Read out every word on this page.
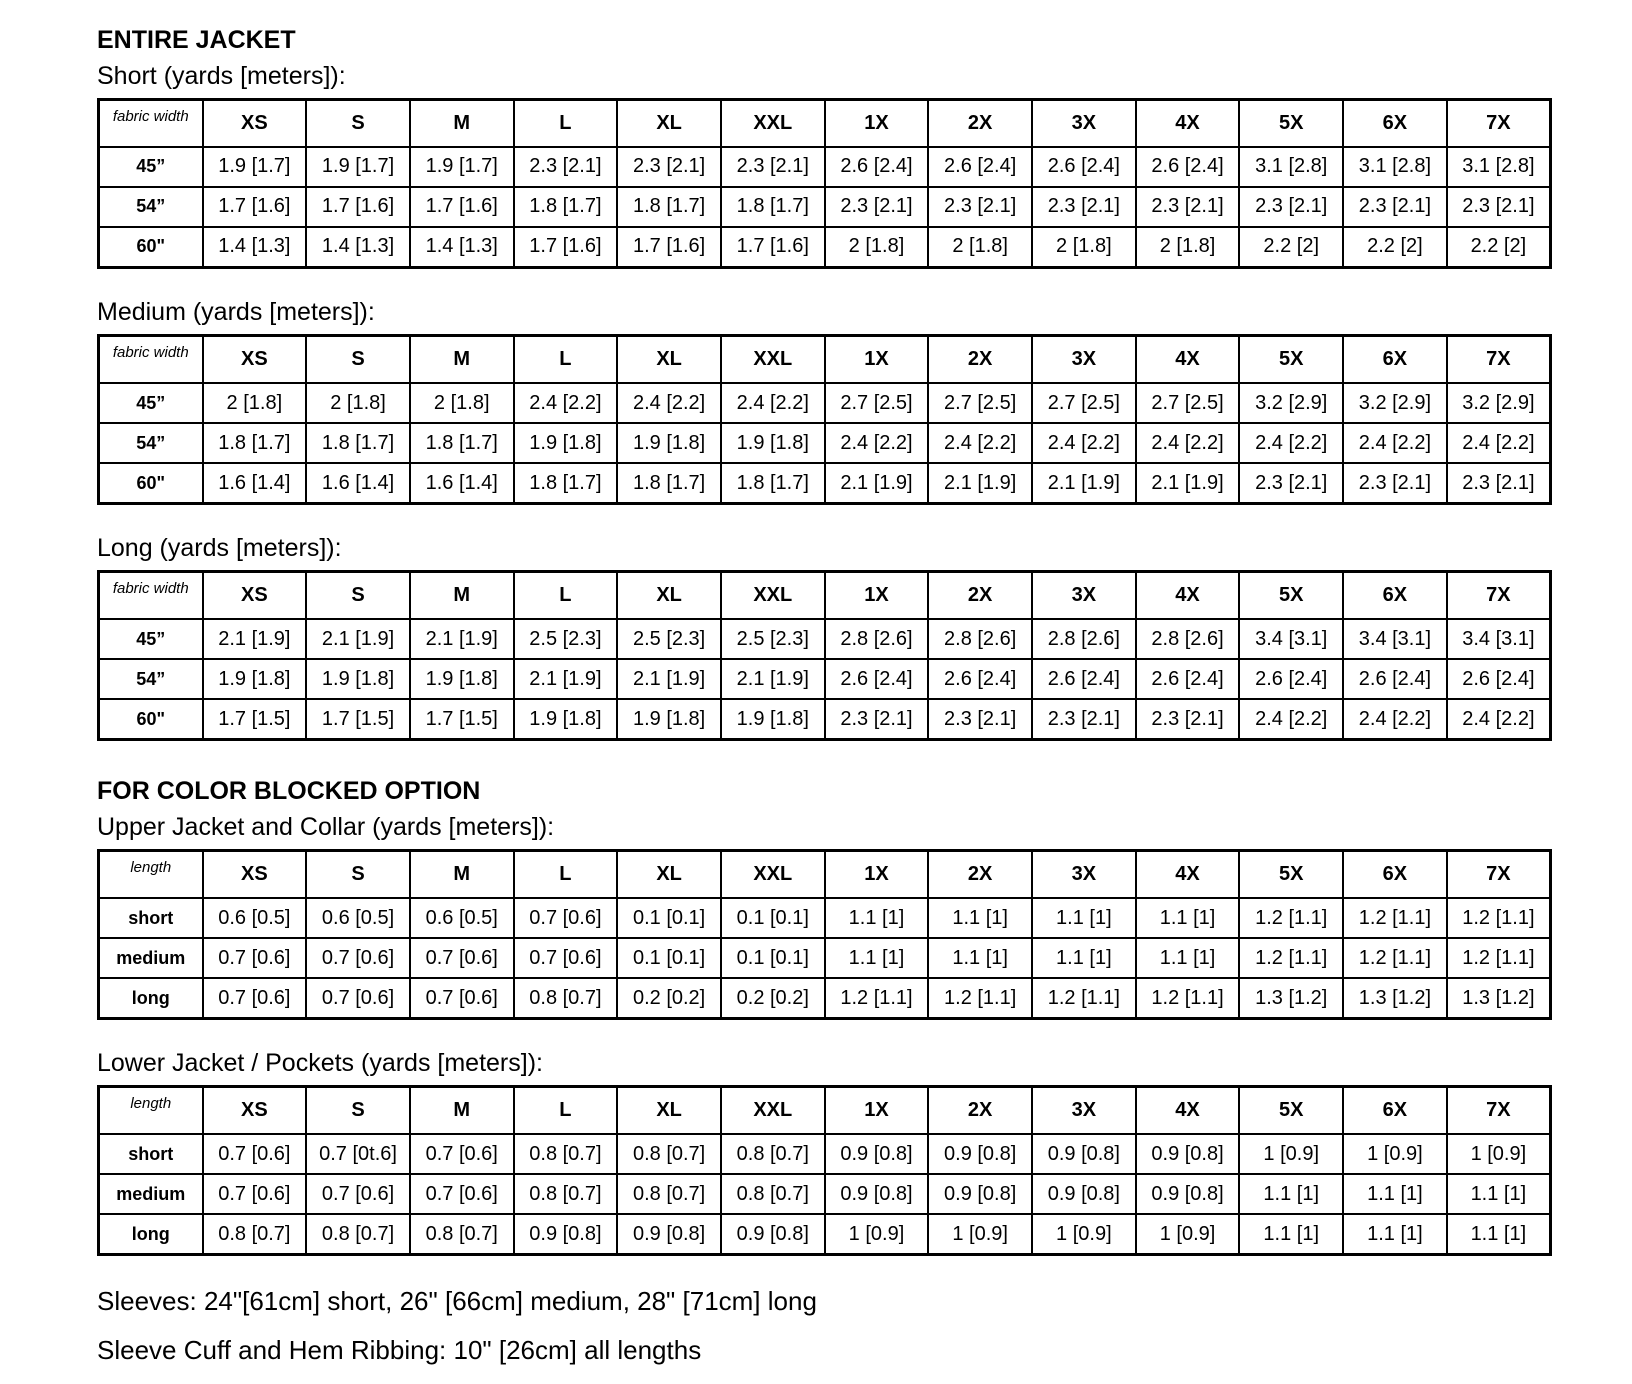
ENTIRE JACKET
Short (yards [meters]):
fabric width	XS	S	M	L	XL	XXL	1X	2X	3X	4X	5X	6X	7X
45”	1.9 [1.7]	1.9 [1.7]	1.9 [1.7]	2.3 [2.1]	2.3 [2.1]	2.3 [2.1]	2.6 [2.4]	2.6 [2.4]	2.6 [2.4]	2.6 [2.4]	3.1 [2.8]	3.1 [2.8]	3.1 [2.8]
54”	1.7 [1.6]	1.7 [1.6]	1.7 [1.6]	1.8 [1.7]	1.8 [1.7]	1.8 [1.7]	2.3 [2.1]	2.3 [2.1]	2.3 [2.1]	2.3 [2.1]	2.3 [2.1]	2.3 [2.1]	2.3 [2.1]
60"	1.4 [1.3]	1.4 [1.3]	1.4 [1.3]	1.7 [1.6]	1.7 [1.6]	1.7 [1.6]	2 [1.8]	2 [1.8]	2 [1.8]	2 [1.8]	2.2 [2]	2.2 [2]	2.2 [2]
Medium (yards [meters]):
fabric width	XS	S	M	L	XL	XXL	1X	2X	3X	4X	5X	6X	7X
45”	2 [1.8]	2 [1.8]	2 [1.8]	2.4 [2.2]	2.4 [2.2]	2.4 [2.2]	2.7 [2.5]	2.7 [2.5]	2.7 [2.5]	2.7 [2.5]	3.2 [2.9]	3.2 [2.9]	3.2 [2.9]
54”	1.8 [1.7]	1.8 [1.7]	1.8 [1.7]	1.9 [1.8]	1.9 [1.8]	1.9 [1.8]	2.4 [2.2]	2.4 [2.2]	2.4 [2.2]	2.4 [2.2]	2.4 [2.2]	2.4 [2.2]	2.4 [2.2]
60"	1.6 [1.4]	1.6 [1.4]	1.6 [1.4]	1.8 [1.7]	1.8 [1.7]	1.8 [1.7]	2.1 [1.9]	2.1 [1.9]	2.1 [1.9]	2.1 [1.9]	2.3 [2.1]	2.3 [2.1]	2.3 [2.1]
Long (yards [meters]):
fabric width	XS	S	M	L	XL	XXL	1X	2X	3X	4X	5X	6X	7X
45”	2.1 [1.9]	2.1 [1.9]	2.1 [1.9]	2.5 [2.3]	2.5 [2.3]	2.5 [2.3]	2.8 [2.6]	2.8 [2.6]	2.8 [2.6]	2.8 [2.6]	3.4 [3.1]	3.4 [3.1]	3.4 [3.1]
54”	1.9 [1.8]	1.9 [1.8]	1.9 [1.8]	2.1 [1.9]	2.1 [1.9]	2.1 [1.9]	2.6 [2.4]	2.6 [2.4]	2.6 [2.4]	2.6 [2.4]	2.6 [2.4]	2.6 [2.4]	2.6 [2.4]
60"	1.7 [1.5]	1.7 [1.5]	1.7 [1.5]	1.9 [1.8]	1.9 [1.8]	1.9 [1.8]	2.3 [2.1]	2.3 [2.1]	2.3 [2.1]	2.3 [2.1]	2.4 [2.2]	2.4 [2.2]	2.4 [2.2]
FOR COLOR BLOCKED OPTION
Upper Jacket and Collar (yards [meters]):
length	XS	S	M	L	XL	XXL	1X	2X	3X	4X	5X	6X	7X
short	0.6 [0.5]	0.6 [0.5]	0.6 [0.5]	0.7 [0.6]	0.1 [0.1]	0.1 [0.1]	1.1 [1]	1.1 [1]	1.1 [1]	1.1 [1]	1.2 [1.1]	1.2 [1.1]	1.2 [1.1]
medium	0.7 [0.6]	0.7 [0.6]	0.7 [0.6]	0.7 [0.6]	0.1 [0.1]	0.1 [0.1]	1.1 [1]	1.1 [1]	1.1 [1]	1.1 [1]	1.2 [1.1]	1.2 [1.1]	1.2 [1.1]
long	0.7 [0.6]	0.7 [0.6]	0.7 [0.6]	0.8 [0.7]	0.2 [0.2]	0.2 [0.2]	1.2 [1.1]	1.2 [1.1]	1.2 [1.1]	1.2 [1.1]	1.3 [1.2]	1.3 [1.2]	1.3 [1.2]
Lower Jacket / Pockets (yards [meters]):
length	XS	S	M	L	XL	XXL	1X	2X	3X	4X	5X	6X	7X
short	0.7 [0.6]	0.7 [0t.6]	0.7 [0.6]	0.8 [0.7]	0.8 [0.7]	0.8 [0.7]	0.9 [0.8]	0.9 [0.8]	0.9 [0.8]	0.9 [0.8]	1 [0.9]	1 [0.9]	1 [0.9]
medium	0.7 [0.6]	0.7 [0.6]	0.7 [0.6]	0.8 [0.7]	0.8 [0.7]	0.8 [0.7]	0.9 [0.8]	0.9 [0.8]	0.9 [0.8]	0.9 [0.8]	1.1 [1]	1.1 [1]	1.1 [1]
long	0.8 [0.7]	0.8 [0.7]	0.8 [0.7]	0.9 [0.8]	0.9 [0.8]	0.9 [0.8]	1 [0.9]	1 [0.9]	1 [0.9]	1 [0.9]	1.1 [1]	1.1 [1]	1.1 [1]

Sleeves: 24"[61cm] short, 26" [66cm] medium, 28" [71cm] long

Sleeve Cuff and Hem Ribbing: 10" [26cm] all lengths
